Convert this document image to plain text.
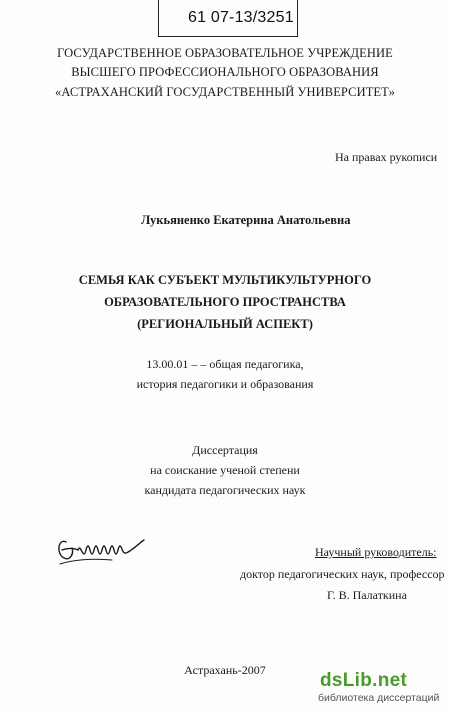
61 07-13/3251
ГОСУДАРСТВЕННОЕ ОБРАЗОВАТЕЛЬНОЕ УЧРЕЖДЕНИЕ
ВЫСШЕГО ПРОФЕССИОНАЛЬНОГО ОБРАЗОВАНИЯ
«АСТРАХАНСКИЙ ГОСУДАРСТВЕННЫЙ УНИВЕРСИТЕТ»
На правах рукописи
Лукьяненко Екатерина Анатольевна
СЕМЬЯ КАК СУБЪЕКТ МУЛЬТИКУЛЬТУРНОГО
ОБРАЗОВАТЕЛЬНОГО ПРОСТРАНСТВА
(РЕГИОНАЛЬНЫЙ АСПЕКТ)
13.00.01 – – общая педагогика,
история педагогики и образования
Диссертация
на соискание ученой степени
кандидата педагогических наук
Научный руководитель:
доктор педагогических наук, профессор
Г. В. Палаткина
Астрахань-2007	dsLib.net
библиотека диссертаций
